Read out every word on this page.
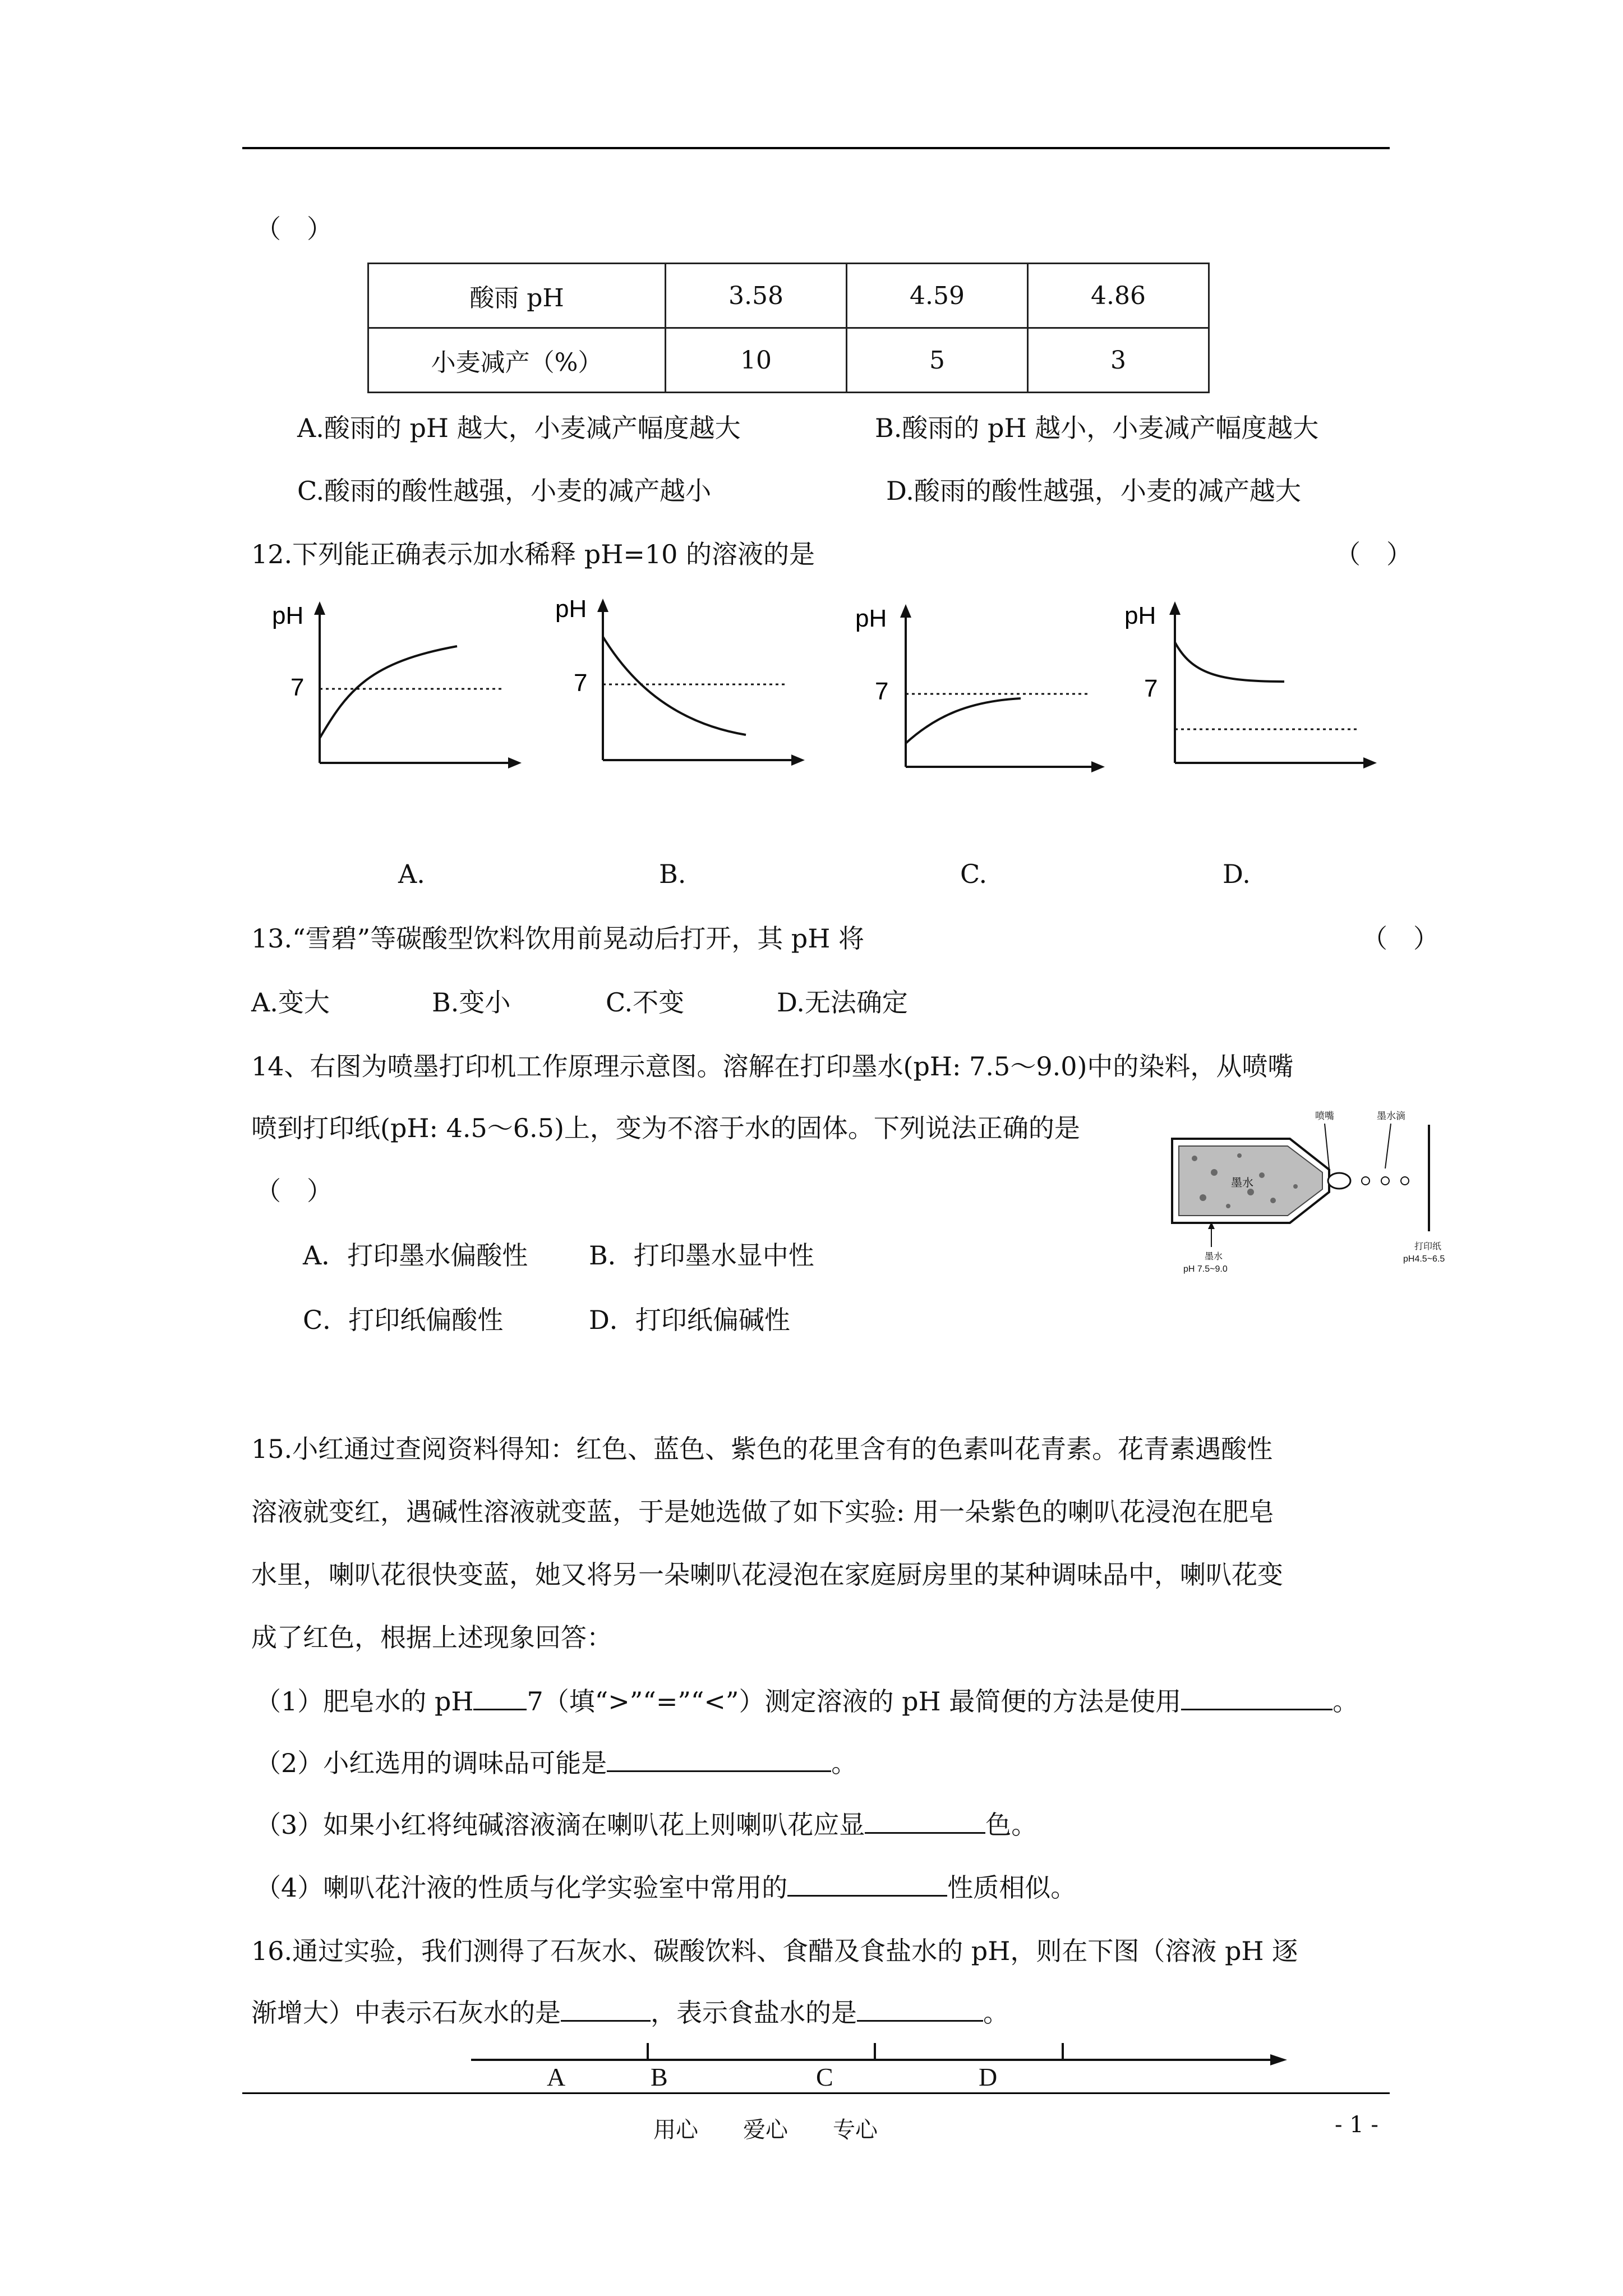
（　）
酸雨 pH	3.58	4.59	4.86
小麦减产（%）	10	5	3
A.酸雨的 pH 越大，小麦减产幅度越大	B.酸雨的 pH 越小，小麦减产幅度越大
C.酸雨的酸性越强，小麦的减产越小	D.酸雨的酸性越强，小麦的减产越大
12.下列能正确表示加水稀释 pH=10 的溶液的是	（　）
pH
7
A.
pH
7
B.
pH
7
C.
pH
7
D.
13.“雪碧”等碳酸型饮料饮用前晃动后打开，其 pH 将	（　）
A.变大	B.变小	C.不变	D.无法确定
14、右图为喷墨打印机工作原理示意图。溶解在打印墨水(pH: 7.5～9.0)中的染料，从喷嘴
喷到打印纸(pH: 4.5～6.5)上，变为不溶于水的固体。下列说法正确的是
（　）
A．打印墨水偏酸性 B．打印墨水显中性
C．打印纸偏酸性	D．打印纸偏碱性
喷嘴	墨水滴
墨水
墨水
pH 7.5~9.0
打印纸
pH4.5~6.5
15.小红通过查阅资料得知：红色、蓝色、紫色的花里含有的色素叫花青素。花青素遇酸性
溶液就变红，遇碱性溶液就变蓝，于是她选做了如下实验: 用一朵紫色的喇叭花浸泡在肥皂
水里，喇叭花很快变蓝，她又将另一朵喇叭花浸泡在家庭厨房里的某种调味品中，喇叭花变
成了红色，根据上述现象回答：
（1）肥皂水的 pH 7（填“>”“=”“<”）测定溶液的 pH 最简便的方法是使用	。
（2）小红选用的调味品可能是	。
（3）如果小红将纯碱溶液滴在喇叭花上则喇叭花应显	色。
（4）喇叭花汁液的性质与化学实验室中常用的	性质相似。
16.通过实验，我们测得了石灰水、碳酸饮料、食醋及食盐水的 pH，则在下图（溶液 pH 逐
渐增大）中表示石灰水的是	，表示食盐水的是	。
A	B	C	D
用心　　爱心　　专心	- 1 -
